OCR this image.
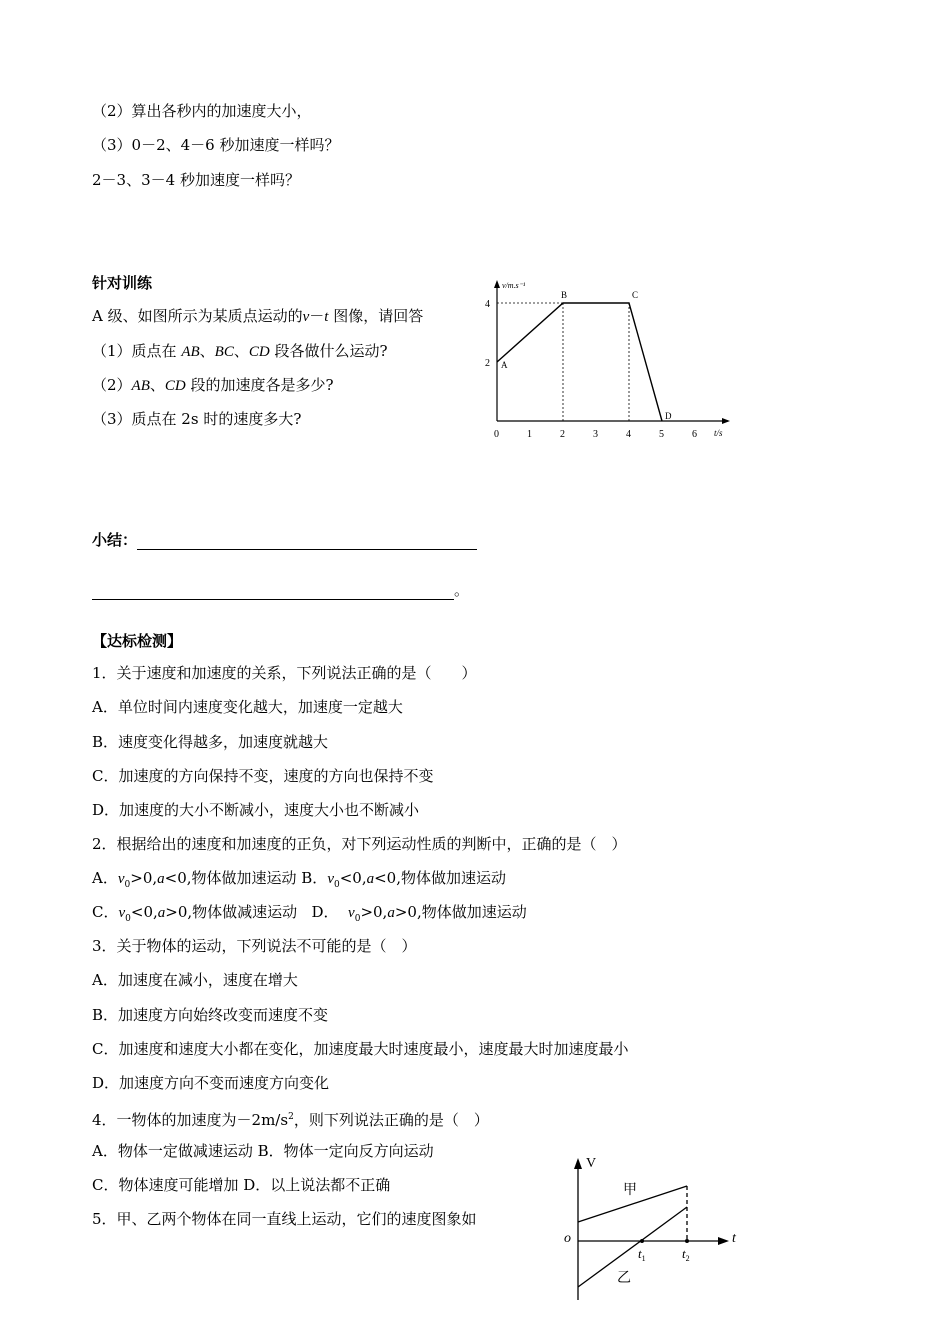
（2）算出各秒内的加速度大小，
（3）0－2、4－6 秒加速度一样吗？
2－3、3－4 秒加速度一样吗？
针对训练
A 级、如图所示为某质点运动的v－t 图像，请回答
（1）质点在 AB、BC、CD 段各做什么运动?
（2）AB、CD 段的加速度各是多少?
（3）质点在 2s 时的速度多大?
0	1	2	3	4	5	6
4
2 A
B	C
D
v/m.s⁻¹
t/s
小结：
。
【达标检测】
1．关于速度和加速度的关系，下列说法正确的是（　　）
A．单位时间内速度变化越大，加速度一定越大
B．速度变化得越多，加速度就越大
C．加速度的方向保持不变，速度的方向也保持不变
D．加速度的大小不断减小，速度大小也不断减小
2．根据给出的速度和加速度的正负，对下列运动性质的判断中，正确的是（　）
A．$v_0>0,a<0$,物体做加速运动 B．$v_0<0,a<0$,物体做加速运动
C．$v_0<0,a>0$,物体做减速运动   D．  $v_0>0,a>0$,物体做加速运动
3．关于物体的运动，下列说法不可能的是（　）
A．加速度在减小，速度在增大
B．加速度方向始终改变而速度不变
C．加速度和速度大小都在变化，加速度最大时速度最小，速度最大时加速度最小
D．加速度方向不变而速度方向变化
4．一物体的加速度为$-2m/s^2$，则下列说法正确的是（　）
A．物体一定做减速运动 B．物体一定向反方向运动
C．物体速度可能增加 D．以上说法都不正确
5．甲、乙两个物体在同一直线上运动，它们的速度图象如
V
t
o
甲
乙
$t_1$	$t_2$
